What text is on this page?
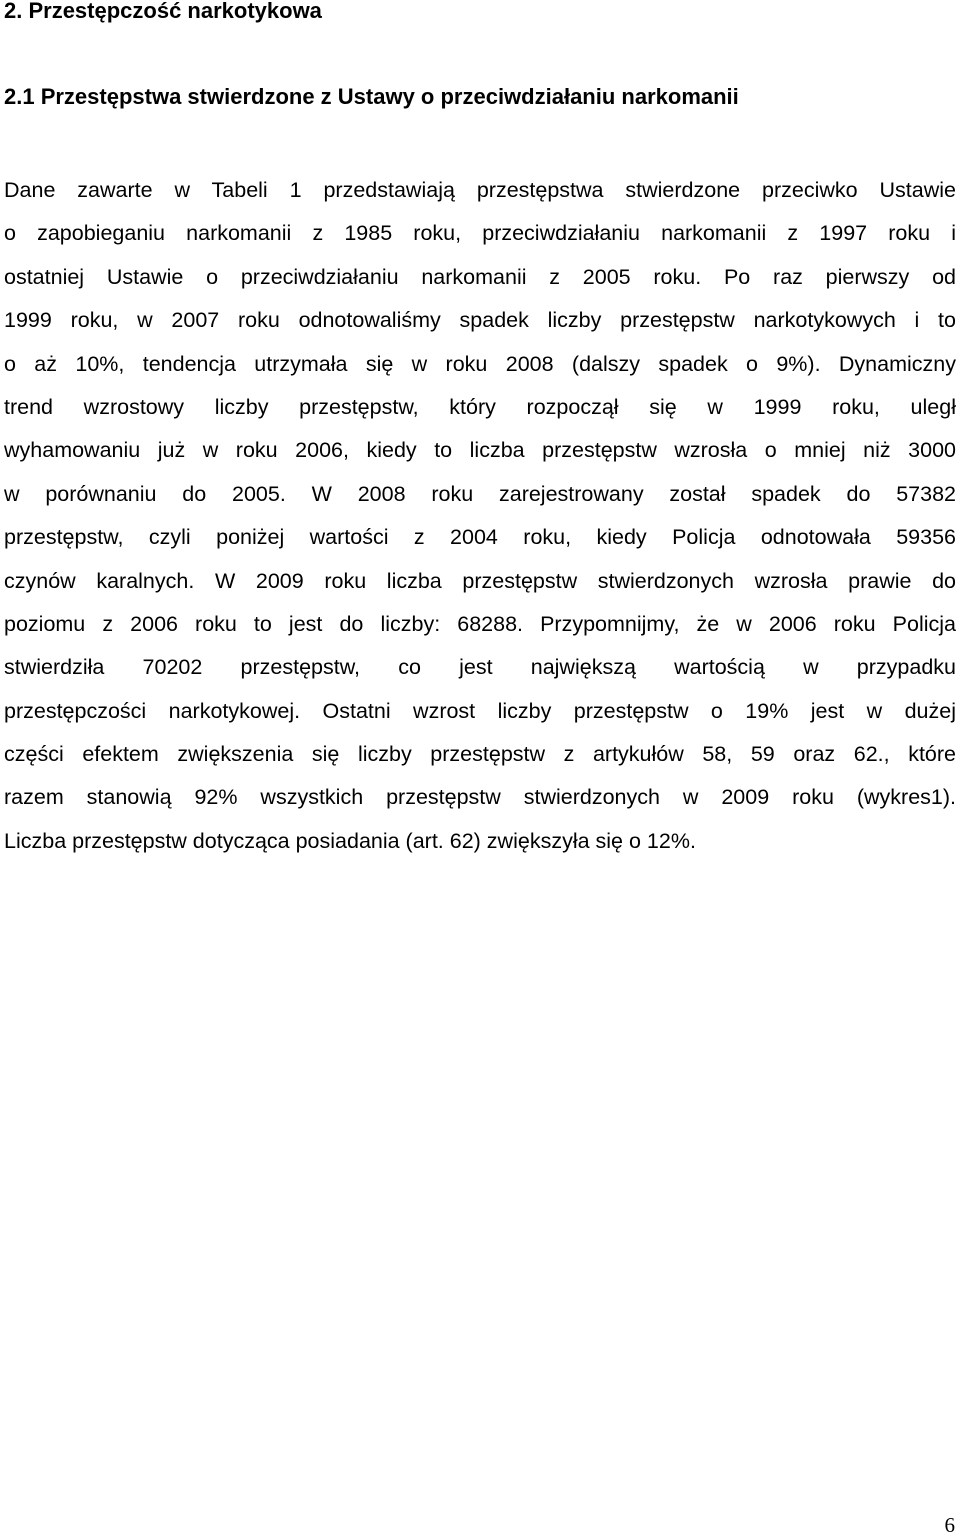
2. Przestępczość narkotykowa
2.1 Przestępstwa stwierdzone z Ustawy o przeciwdziałaniu narkomanii
Dane zawarte w Tabeli 1 przedstawiają przestępstwa stwierdzone przeciwko Ustawie
o zapobieganiu narkomanii z 1985 roku, przeciwdziałaniu narkomanii z 1997 roku i
ostatniej Ustawie o przeciwdziałaniu narkomanii z 2005 roku. Po raz pierwszy od
1999 roku, w 2007 roku odnotowaliśmy spadek liczby przestępstw narkotykowych i to
o aż 10%, tendencja utrzymała się w roku 2008 (dalszy spadek o 9%). Dynamiczny
trend wzrostowy liczby przestępstw, który rozpoczął się w 1999 roku, uległ
wyhamowaniu już w roku 2006, kiedy to liczba przestępstw wzrosła o mniej niż 3000
w porównaniu do 2005. W 2008 roku zarejestrowany został spadek do 57382
przestępstw, czyli poniżej wartości z 2004 roku, kiedy Policja odnotowała 59356
czynów karalnych. W 2009 roku liczba przestępstw stwierdzonych wzrosła prawie do
poziomu z 2006 roku to jest do liczby: 68288. Przypomnijmy, że w 2006 roku Policja
stwierdziła 70202 przestępstw, co jest największą wartością w przypadku
przestępczości narkotykowej. Ostatni wzrost liczby przestępstw o 19% jest w dużej
części efektem zwiększenia się liczby przestępstw z artykułów 58, 59 oraz 62., które
razem stanowią 92% wszystkich przestępstw stwierdzonych w 2009 roku (wykres1).
Liczba przestępstw dotycząca posiadania (art. 62) zwiększyła się o 12%.
6
